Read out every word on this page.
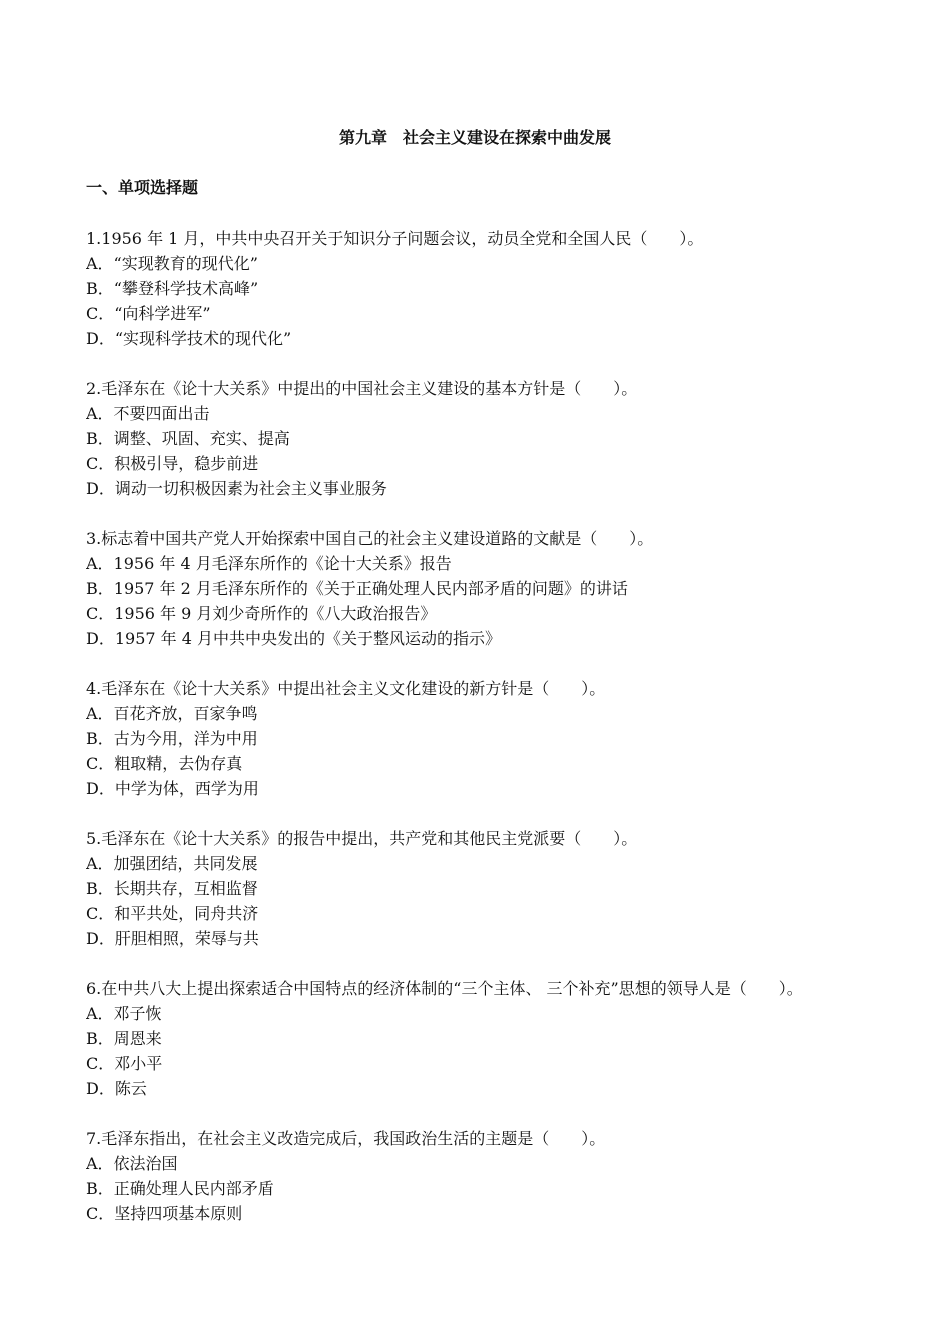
第九章　社会主义建设在探索中曲发展
一、单项选择题
1.1956 年 1 月，中共中央召开关于知识分子问题会议，动员全党和全国人民（　　）。
A．“实现教育的现代化”
B．“攀登科学技术高峰”
C．“向科学进军”
D．“实现科学技术的现代化”
2.毛泽东在《论十大关系》中提出的中国社会主义建设的基本方针是（　　）。
A．不要四面出击
B．调整、巩固、充实、提高
C．积极引导，稳步前进
D．调动一切积极因素为社会主义事业服务
3.标志着中国共产党人开始探索中国自己的社会主义建设道路的文献是（　　）。
A．1956 年 4 月毛泽东所作的《论十大关系》报告
B．1957 年 2 月毛泽东所作的《关于正确处理人民内部矛盾的问题》的讲话
C．1956 年 9 月刘少奇所作的《八大政治报告》
D．1957 年 4 月中共中央发出的《关于整风运动的指示》
4.毛泽东在《论十大关系》中提出社会主义文化建设的新方针是（　　）。
A．百花齐放，百家争鸣
B．古为今用，洋为中用
C．粗取精，去伪存真
D．中学为体，西学为用
5.毛泽东在《论十大关系》的报告中提出，共产党和其他民主党派要（　　）。
A．加强团结，共同发展
B．长期共存，互相监督
C．和平共处，同舟共济
D．肝胆相照，荣辱与共
6.在中共八大上提出探索适合中国特点的经济体制的“三个主体、 三个补充”思想的领导人是（　　）。
A．邓子恢
B．周恩来
C．邓小平
D．陈云
7.毛泽东指出，在社会主义改造完成后，我国政治生活的主题是（　　）。
A．依法治国
B．正确处理人民内部矛盾
C．坚持四项基本原则
